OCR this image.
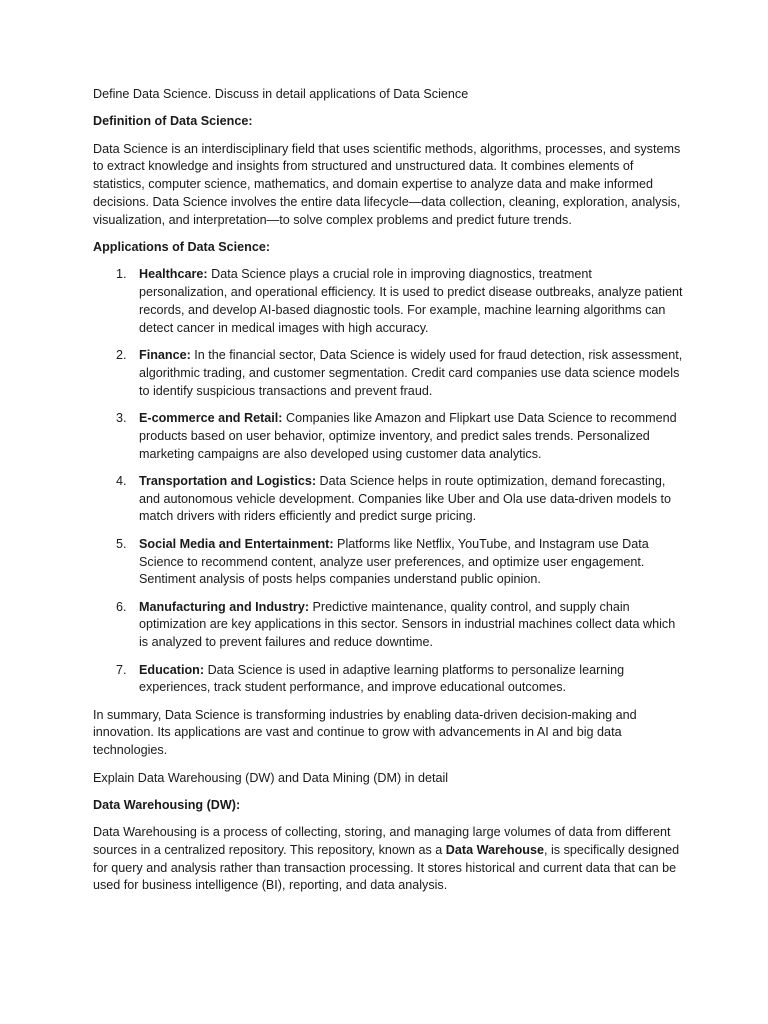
Define Data Science. Discuss in detail applications of Data Science

Definition of Data Science:

Data Science is an interdisciplinary field that uses scientific methods, algorithms, processes, and systems to extract knowledge and insights from structured and unstructured data. It combines elements of statistics, computer science, mathematics, and domain expertise to analyze data and make informed decisions. Data Science involves the entire data lifecycle—data collection, cleaning, exploration, analysis, visualization, and interpretation—to solve complex problems and predict future trends.

Applications of Data Science:

1. Healthcare: Data Science plays a crucial role in improving diagnostics, treatment personalization, and operational efficiency. It is used to predict disease outbreaks, analyze patient records, and develop AI-based diagnostic tools. For example, machine learning algorithms can detect cancer in medical images with high accuracy.
2. Finance: In the financial sector, Data Science is widely used for fraud detection, risk assessment, algorithmic trading, and customer segmentation. Credit card companies use data science models to identify suspicious transactions and prevent fraud.
3. E-commerce and Retail: Companies like Amazon and Flipkart use Data Science to recommend products based on user behavior, optimize inventory, and predict sales trends. Personalized marketing campaigns are also developed using customer data analytics.
4. Transportation and Logistics: Data Science helps in route optimization, demand forecasting, and autonomous vehicle development. Companies like Uber and Ola use data-driven models to match drivers with riders efficiently and predict surge pricing.
5. Social Media and Entertainment: Platforms like Netflix, YouTube, and Instagram use Data Science to recommend content, analyze user preferences, and optimize user engagement. Sentiment analysis of posts helps companies understand public opinion.
6. Manufacturing and Industry: Predictive maintenance, quality control, and supply chain optimization are key applications in this sector. Sensors in industrial machines collect data which is analyzed to prevent failures and reduce downtime.
7. Education: Data Science is used in adaptive learning platforms to personalize learning experiences, track student performance, and improve educational outcomes.

In summary, Data Science is transforming industries by enabling data-driven decision-making and innovation. Its applications are vast and continue to grow with advancements in AI and big data technologies.

Explain Data Warehousing (DW) and Data Mining (DM) in detail

Data Warehousing (DW):

Data Warehousing is a process of collecting, storing, and managing large volumes of data from different sources in a centralized repository. This repository, known as a Data Warehouse, is specifically designed for query and analysis rather than transaction processing. It stores historical and current data that can be used for business intelligence (BI), reporting, and data analysis.
